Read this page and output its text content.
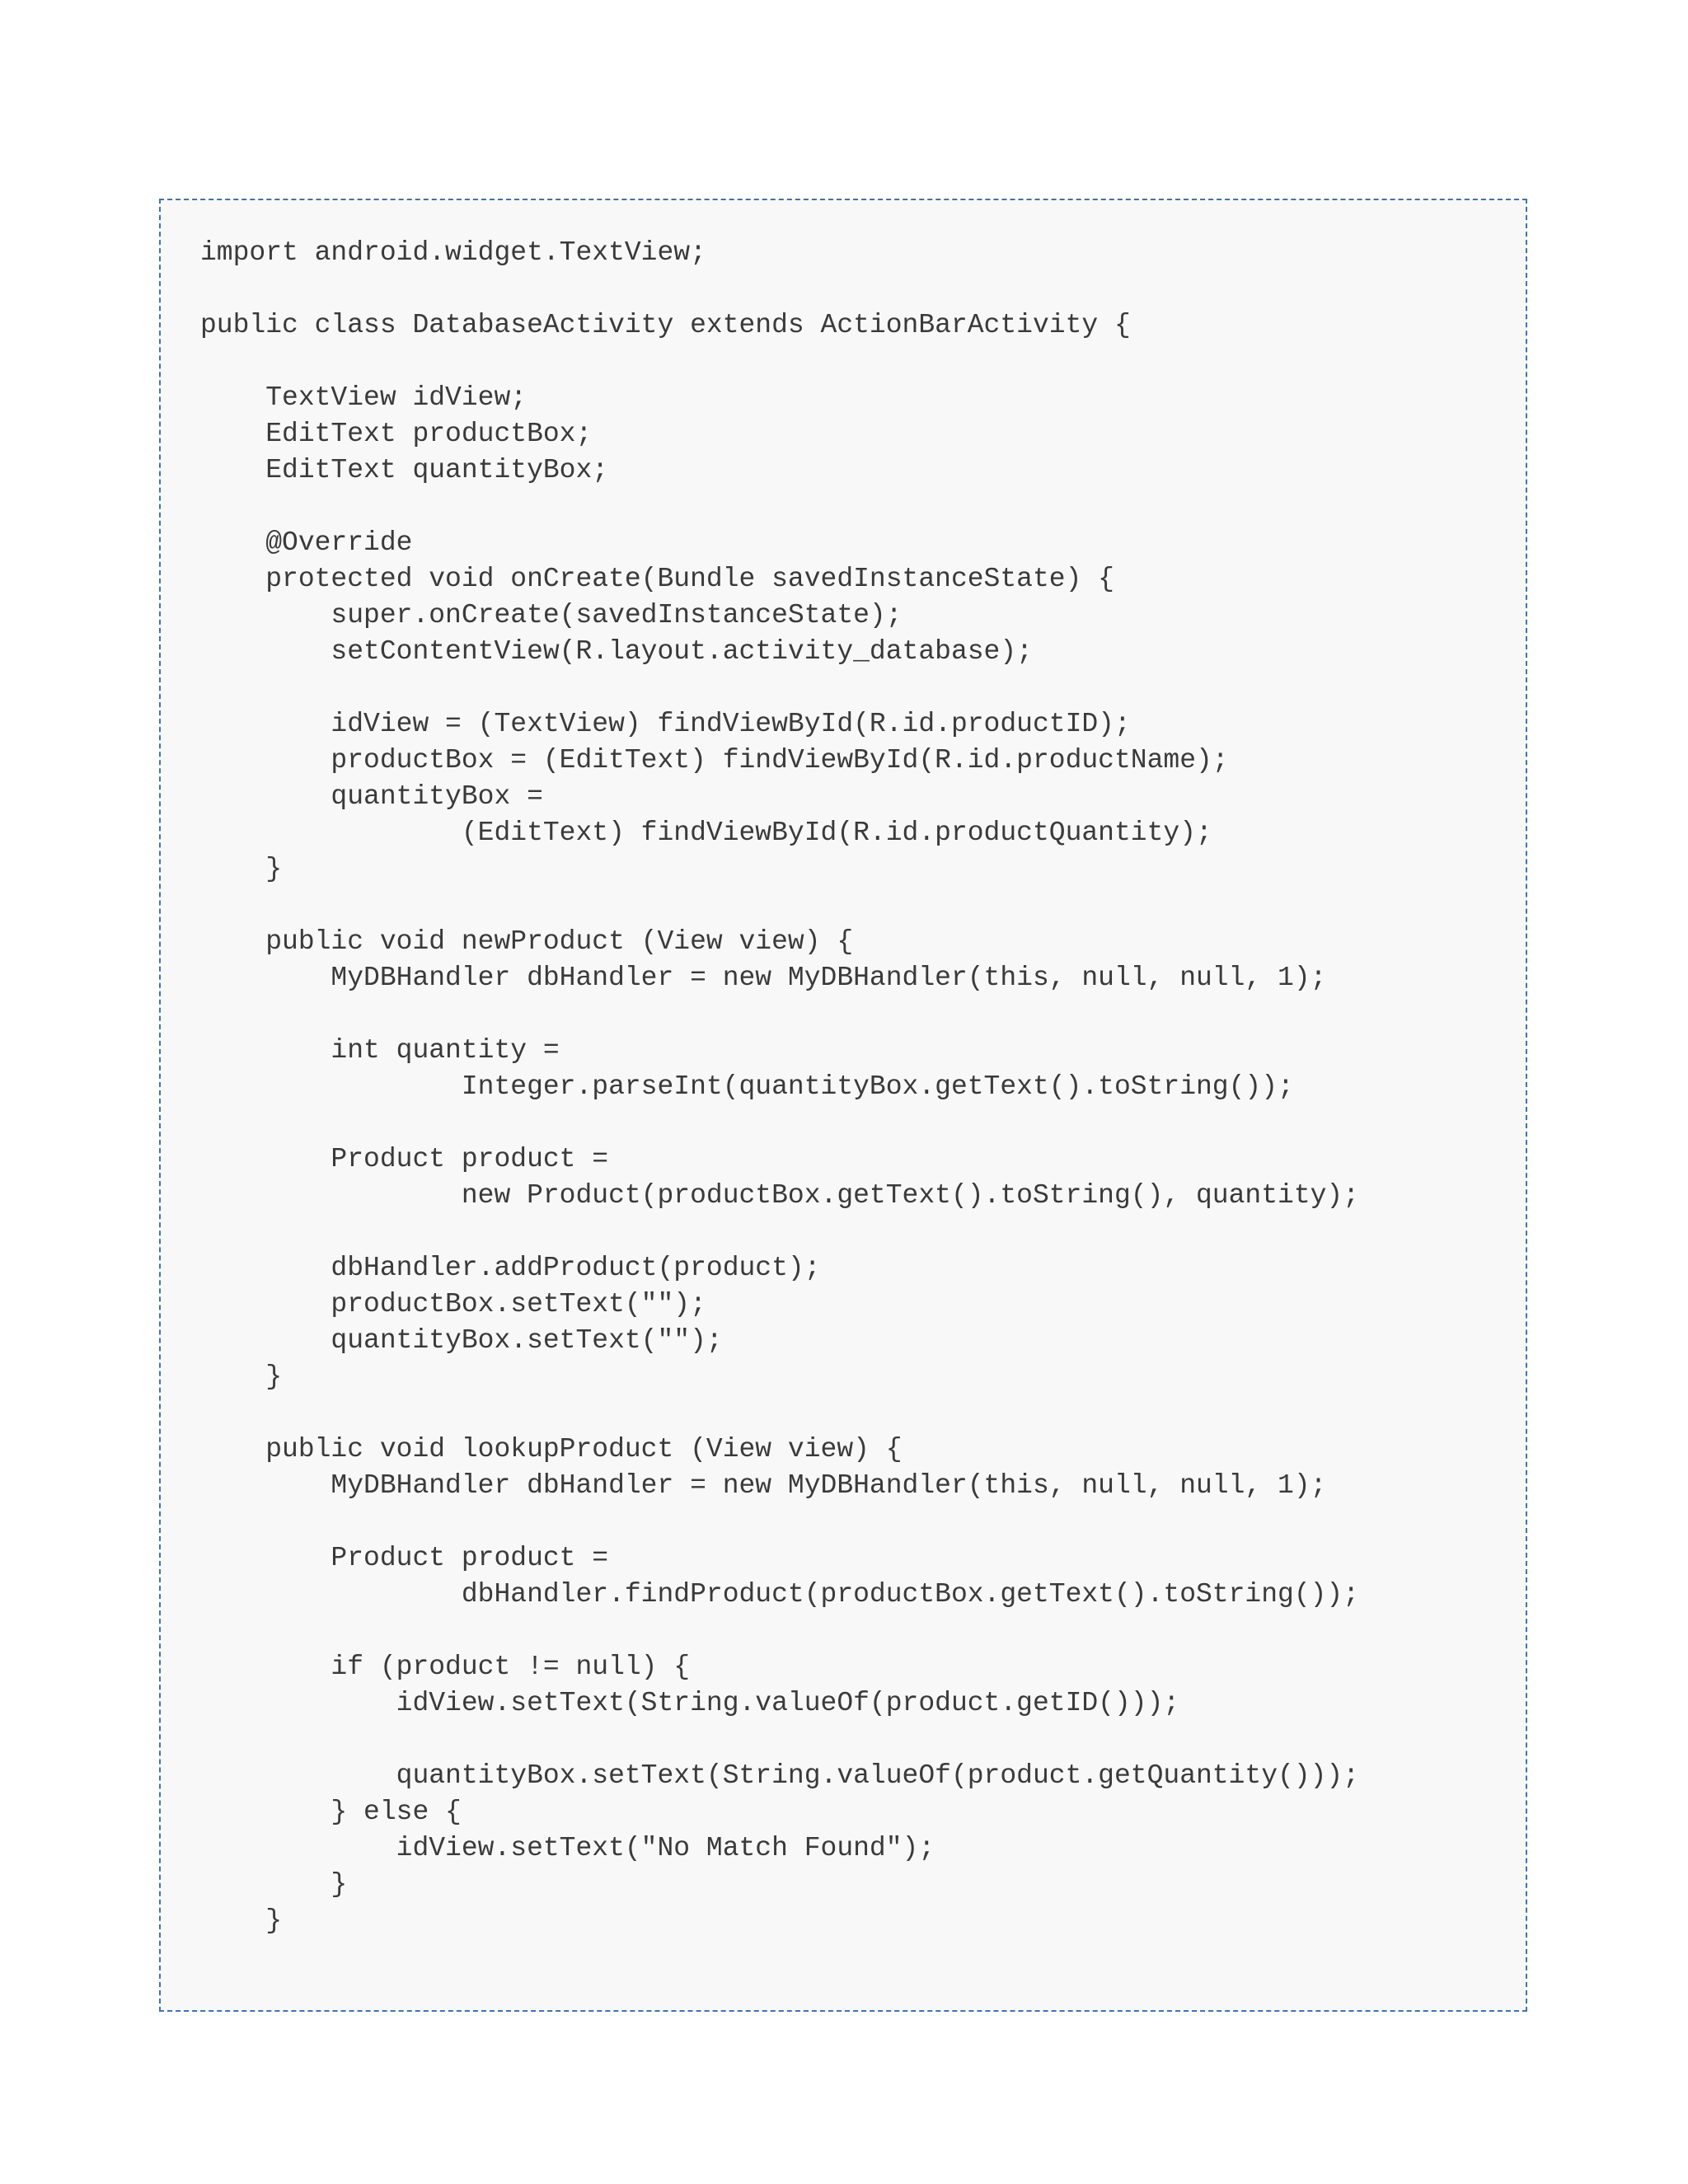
import android.widget.TextView;
public class DatabaseActivity extends ActionBarActivity {
TextView idView;
EditText productBox;
EditText quantityBox;
@Override
protected void onCreate(Bundle savedInstanceState) {
super.onCreate(savedInstanceState);
setContentView(R.layout.activity_database);
idView = (TextView) findViewById(R.id.productID);
productBox = (EditText) findViewById(R.id.productName);
quantityBox =
(EditText) findViewById(R.id.productQuantity);
}
public void newProduct (View view) {
MyDBHandler dbHandler = new MyDBHandler(this, null, null, 1);
int quantity =
Integer.parseInt(quantityBox.getText().toString());
Product product =
new Product(productBox.getText().toString(), quantity);
dbHandler.addProduct(product);
productBox.setText("");
quantityBox.setText("");
}
public void lookupProduct (View view) {
MyDBHandler dbHandler = new MyDBHandler(this, null, null, 1);
Product product =
dbHandler.findProduct(productBox.getText().toString());
if (product != null) {
idView.setText(String.valueOf(product.getID()));
quantityBox.setText(String.valueOf(product.getQuantity()));
} else {
idView.setText("No Match Found");
}
}
